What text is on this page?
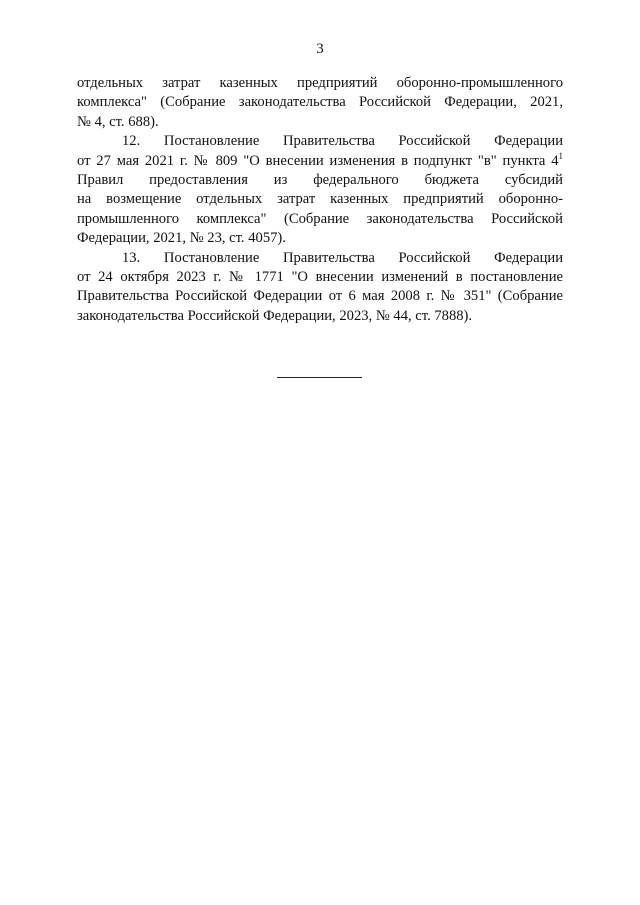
3

отдельных затрат казенных предприятий оборонно-промышленного
комплекса" (Собрание законодательства Российской Федерации, 2021,
№ 4, ст. 688).

12. Постановление Правительства Российской Федерации
от 27 мая 2021 г. № 809 "О внесении изменения в подпункт "в" пункта $4^1$
Правил предоставления из федерального бюджета субсидий
на возмещение отдельных затрат казенных предприятий оборонно-
промышленного комплекса" (Собрание законодательства Российской
Федерации, 2021, № 23, ст. 4057).

13. Постановление Правительства Российской Федерации
от 24 октября 2023 г. № 1771 "О внесении изменений в постановление
Правительства Российской Федерации от 6 мая 2008 г. № 351" (Собрание
законодательства Российской Федерации, 2023, № 44, ст. 7888).
